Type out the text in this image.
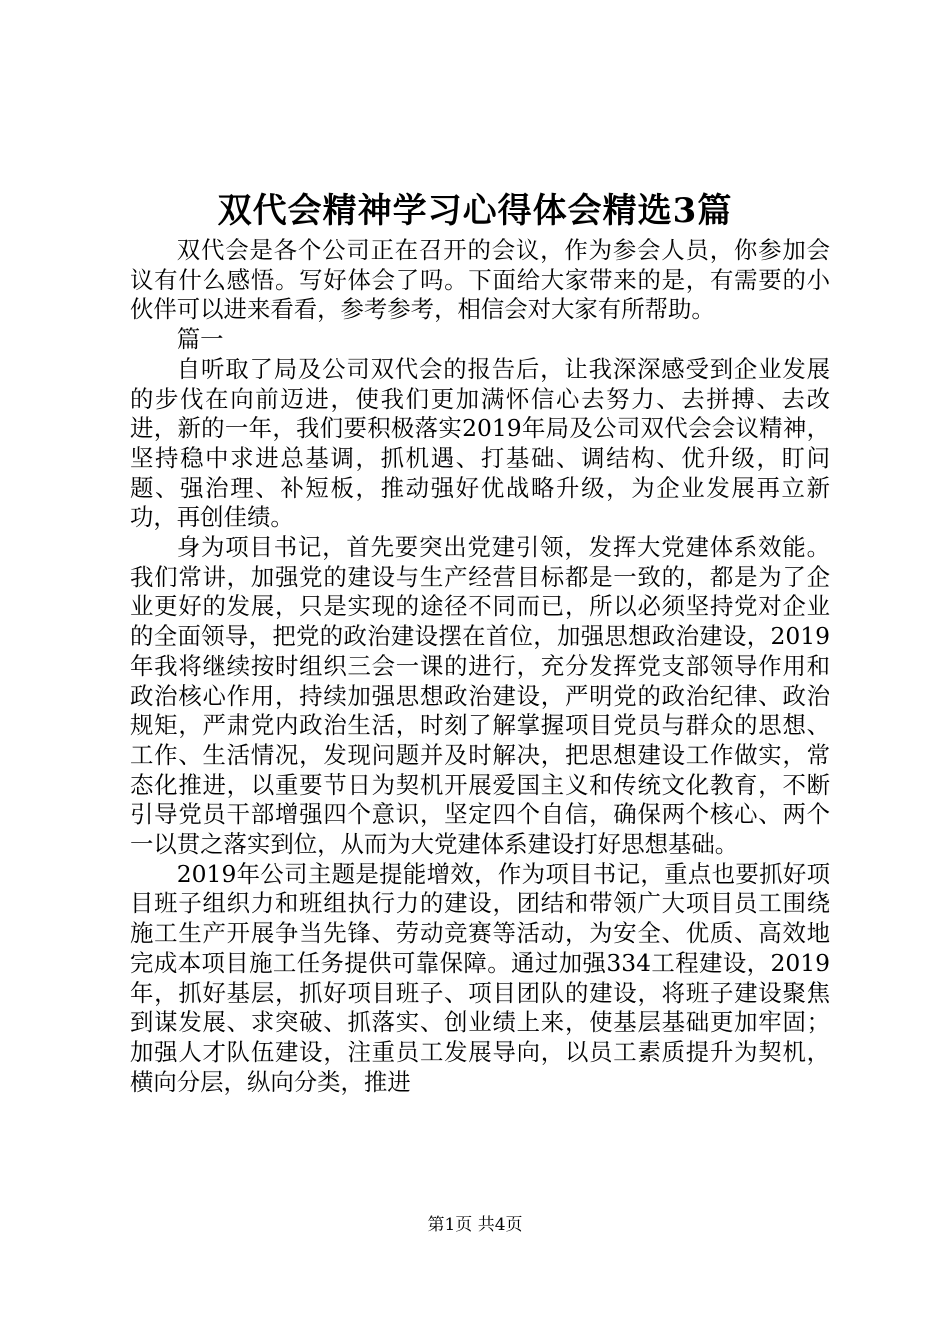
双代会精神学习心得体会精选3篇

双代会是各个公司正在召开的会议，作为参会人员，你参加会议有什么感悟。写好体会了吗。下面给大家带来的是，有需要的小伙伴可以进来看看，参考参考，相信会对大家有所帮助。

篇一

自听取了局及公司双代会的报告后，让我深深感受到企业发展的步伐在向前迈进，使我们更加满怀信心去努力、去拼搏、去改进，新的一年，我们要积极落实2019年局及公司双代会会议精神，坚持稳中求进总基调，抓机遇、打基础、调结构、优升级，盯问题、强治理、补短板，推动强好优战略升级，为企业发展再立新功，再创佳绩。

身为项目书记，首先要突出党建引领，发挥大党建体系效能。我们常讲，加强党的建设与生产经营目标都是一致的，都是为了企业更好的发展，只是实现的途径不同而已，所以必须坚持党对企业的全面领导，把党的政治建设摆在首位，加强思想政治建设，2019年我将继续按时组织三会一课的进行，充分发挥党支部领导作用和政治核心作用，持续加强思想政治建设，严明党的政治纪律、政治规矩，严肃党内政治生活，时刻了解掌握项目党员与群众的思想、工作、生活情况，发现问题并及时解决，把思想建设工作做实，常态化推进，以重要节日为契机开展爱国主义和传统文化教育，不断引导党员干部增强四个意识，坚定四个自信，确保两个核心、两个一以贯之落实到位，从而为大党建体系建设打好思想基础。

2019年公司主题是提能增效，作为项目书记，重点也要抓好项目班子组织力和班组执行力的建设，团结和带领广大项目员工围绕施工生产开展争当先锋、劳动竞赛等活动，为安全、优质、高效地完成本项目施工任务提供可靠保障。通过加强334工程建设，2019年，抓好基层，抓好项目班子、项目团队的建设，将班子建设聚焦到谋发展、求突破、抓落实、创业绩上来，使基层基础更加牢固；加强人才队伍建设，注重员工发展导向，以员工素质提升为契机，横向分层，纵向分类，推进

第1页 共4页
